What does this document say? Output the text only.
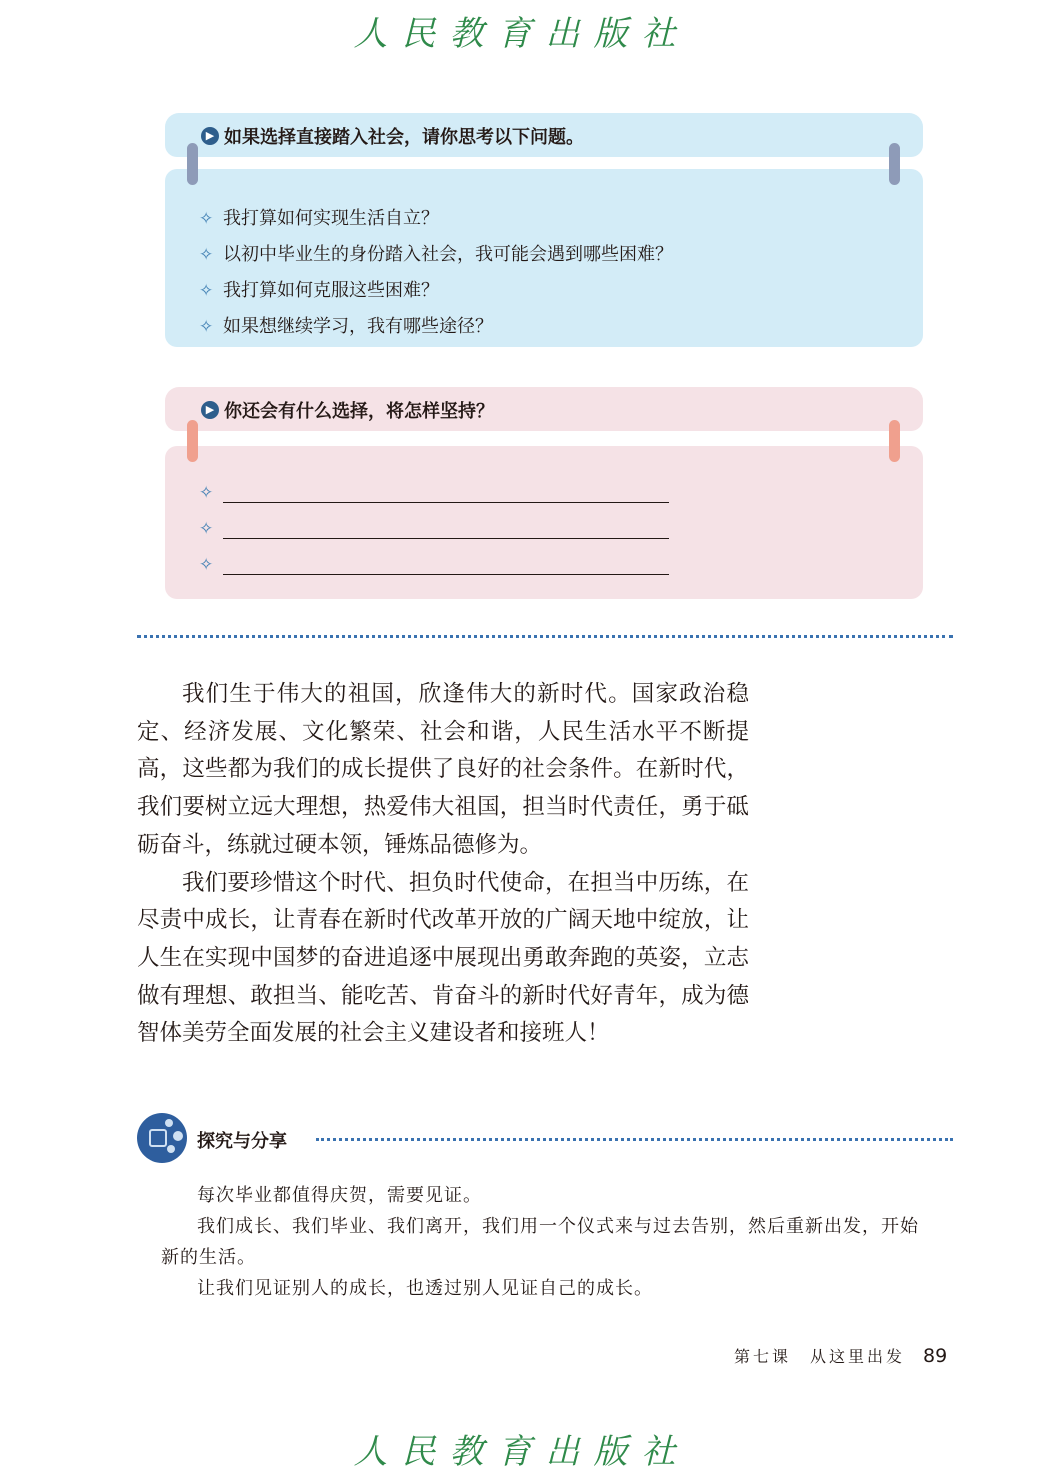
人民教育出版社
▶ 如果选择直接踏入社会，请你思考以下问题。
✧ 我打算如何实现生活自立？
✧ 以初中毕业生的身份踏入社会，我可能会遇到哪些困难？
✧ 我打算如何克服这些困难？
✧ 如果想继续学习，我有哪些途径？
▶ 你还会有什么选择，将怎样坚持？
✧
✧
✧

我们生于伟大的祖国，欣逢伟大的新时代。国家政治稳定、经济发展、文化繁荣、社会和谐，人民生活水平不断提高，这些都为我们的成长提供了良好的社会条件。在新时代，我们要树立远大理想，热爱伟大祖国，担当时代责任，勇于砥砺奋斗，练就过硬本领，锤炼品德修为。

我们要珍惜这个时代、担负时代使命，在担当中历练，在尽责中成长，让青春在新时代改革开放的广阔天地中绽放，让人生在实现中国梦的奋进追逐中展现出勇敢奔跑的英姿，立志做有理想、敢担当、能吃苦、肯奋斗的新时代好青年，成为德智体美劳全面发展的社会主义建设者和接班人！

探究与分享

每次毕业都值得庆贺，需要见证。

我们成长、我们毕业、我们离开，我们用一个仪式来与过去告别，然后重新出发，开始新的生活。

让我们见证别人的成长，也透过别人见证自己的成长。

第七课　从这里出发 89
人民教育出版社
